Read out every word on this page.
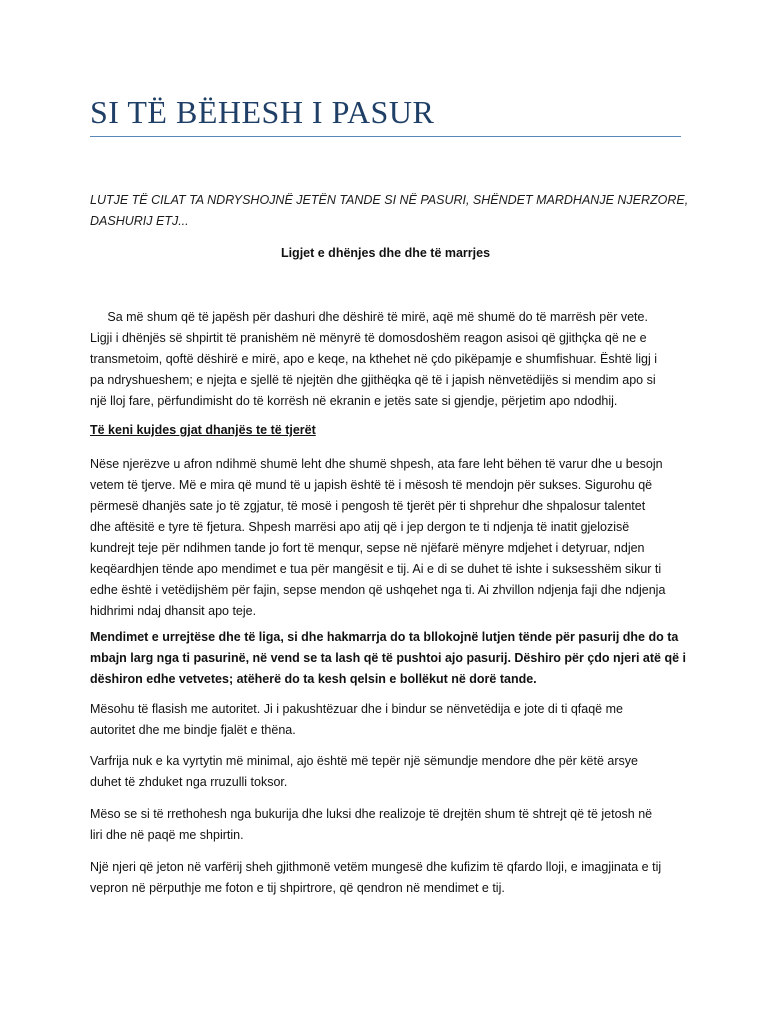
SI TË BËHESH I PASUR

LUTJE TË CILAT TA NDRYSHOJNË JETËN TANDE SI NË PASURI, SHËNDET MARDHANJE NJERZORE, DASHURIJ ETJ...

Ligjet e dhënjes dhe dhe të marrjes

Sa më shum që të japësh për dashuri dhe dëshirë të mirë, aqë më shumë do të marrësh për vete.
Ligji i dhënjës së shpirtit të pranishëm në mënyrë të domosdoshëm reagon asisoi që gjithçka që ne e
transmetoim, qoftë dëshirë e mirë, apo e keqe, na kthehet në çdo pikëpamje e shumfishuar. Është ligj i
pa ndryshueshem; e njejta e sjellë të njejtën dhe gjithëqka që të i japish nënvetëdijës si mendim apo si
një lloj fare, përfundimisht do të korrësh në ekranin e jetës sate si gjendje, përjetim apo ndodhij.

Të keni kujdes gjat dhanjës te të tjerët

Nëse njerëzve u afron ndihmë shumë leht dhe shumë shpesh, ata fare leht bëhen të varur dhe u besojn
vetem të tjerve. Më e mira që mund të u japish është të i mësosh të mendojn për sukses. Sigurohu që
përmesë dhanjës sate jo të zgjatur, të mosë i pengosh të tjerët për ti shprehur dhe shpalosur talentet
dhe aftësitë e tyre të fjetura. Shpesh marrësi apo atij që i jep dergon te ti ndjenja të inatit gjelozisë
kundrejt teje për ndihmen tande jo fort të menqur, sepse në njëfarë mënyre mdjehet i detyruar, ndjen
keqëardhjen tënde apo mendimet e tua për mangësit e tij. Ai e di se duhet të ishte i suksesshëm sikur ti
edhe është i vetëdijshëm për fajin, sepse mendon që ushqehet nga ti. Ai zhvillon ndjenja faji dhe ndjenja
hidhrimi ndaj dhansit apo teje.

Mendimet e urrejtëse dhe të liga, si dhe hakmarrja do ta bllokojnë lutjen tënde për pasurij dhe do ta
mbajn larg nga ti pasurinë, në vend se ta lash që të pushtoi ajo pasurij. Dëshiro për çdo njeri atë që i
dëshiron edhe vetvetes; atëherë do ta kesh qelsin e bollëkut në dorë tande.

Mësohu të flasish me autoritet. Ji i pakushtëzuar dhe i bindur se nënvetëdija e jote di ti qfaqë me
autoritet dhe me bindje fjalët e thëna.

Varfrija nuk e ka vyrtytin më minimal, ajo është më tepër një sëmundje mendore dhe për këtë arsye
duhet të zhduket nga rruzulli toksor.

Mëso se si të rrethohesh nga bukurija dhe luksi dhe realizoje të drejtën shum të shtrejt që të jetosh në
liri dhe në paqë me shpirtin.

Një njeri që jeton në varfërij sheh gjithmonë vetëm mungesë dhe kufizim të qfardo lloji, e imagjinata e tij
vepron në përputhje me foton e tij shpirtrore, që qendron në mendimet e tij.
